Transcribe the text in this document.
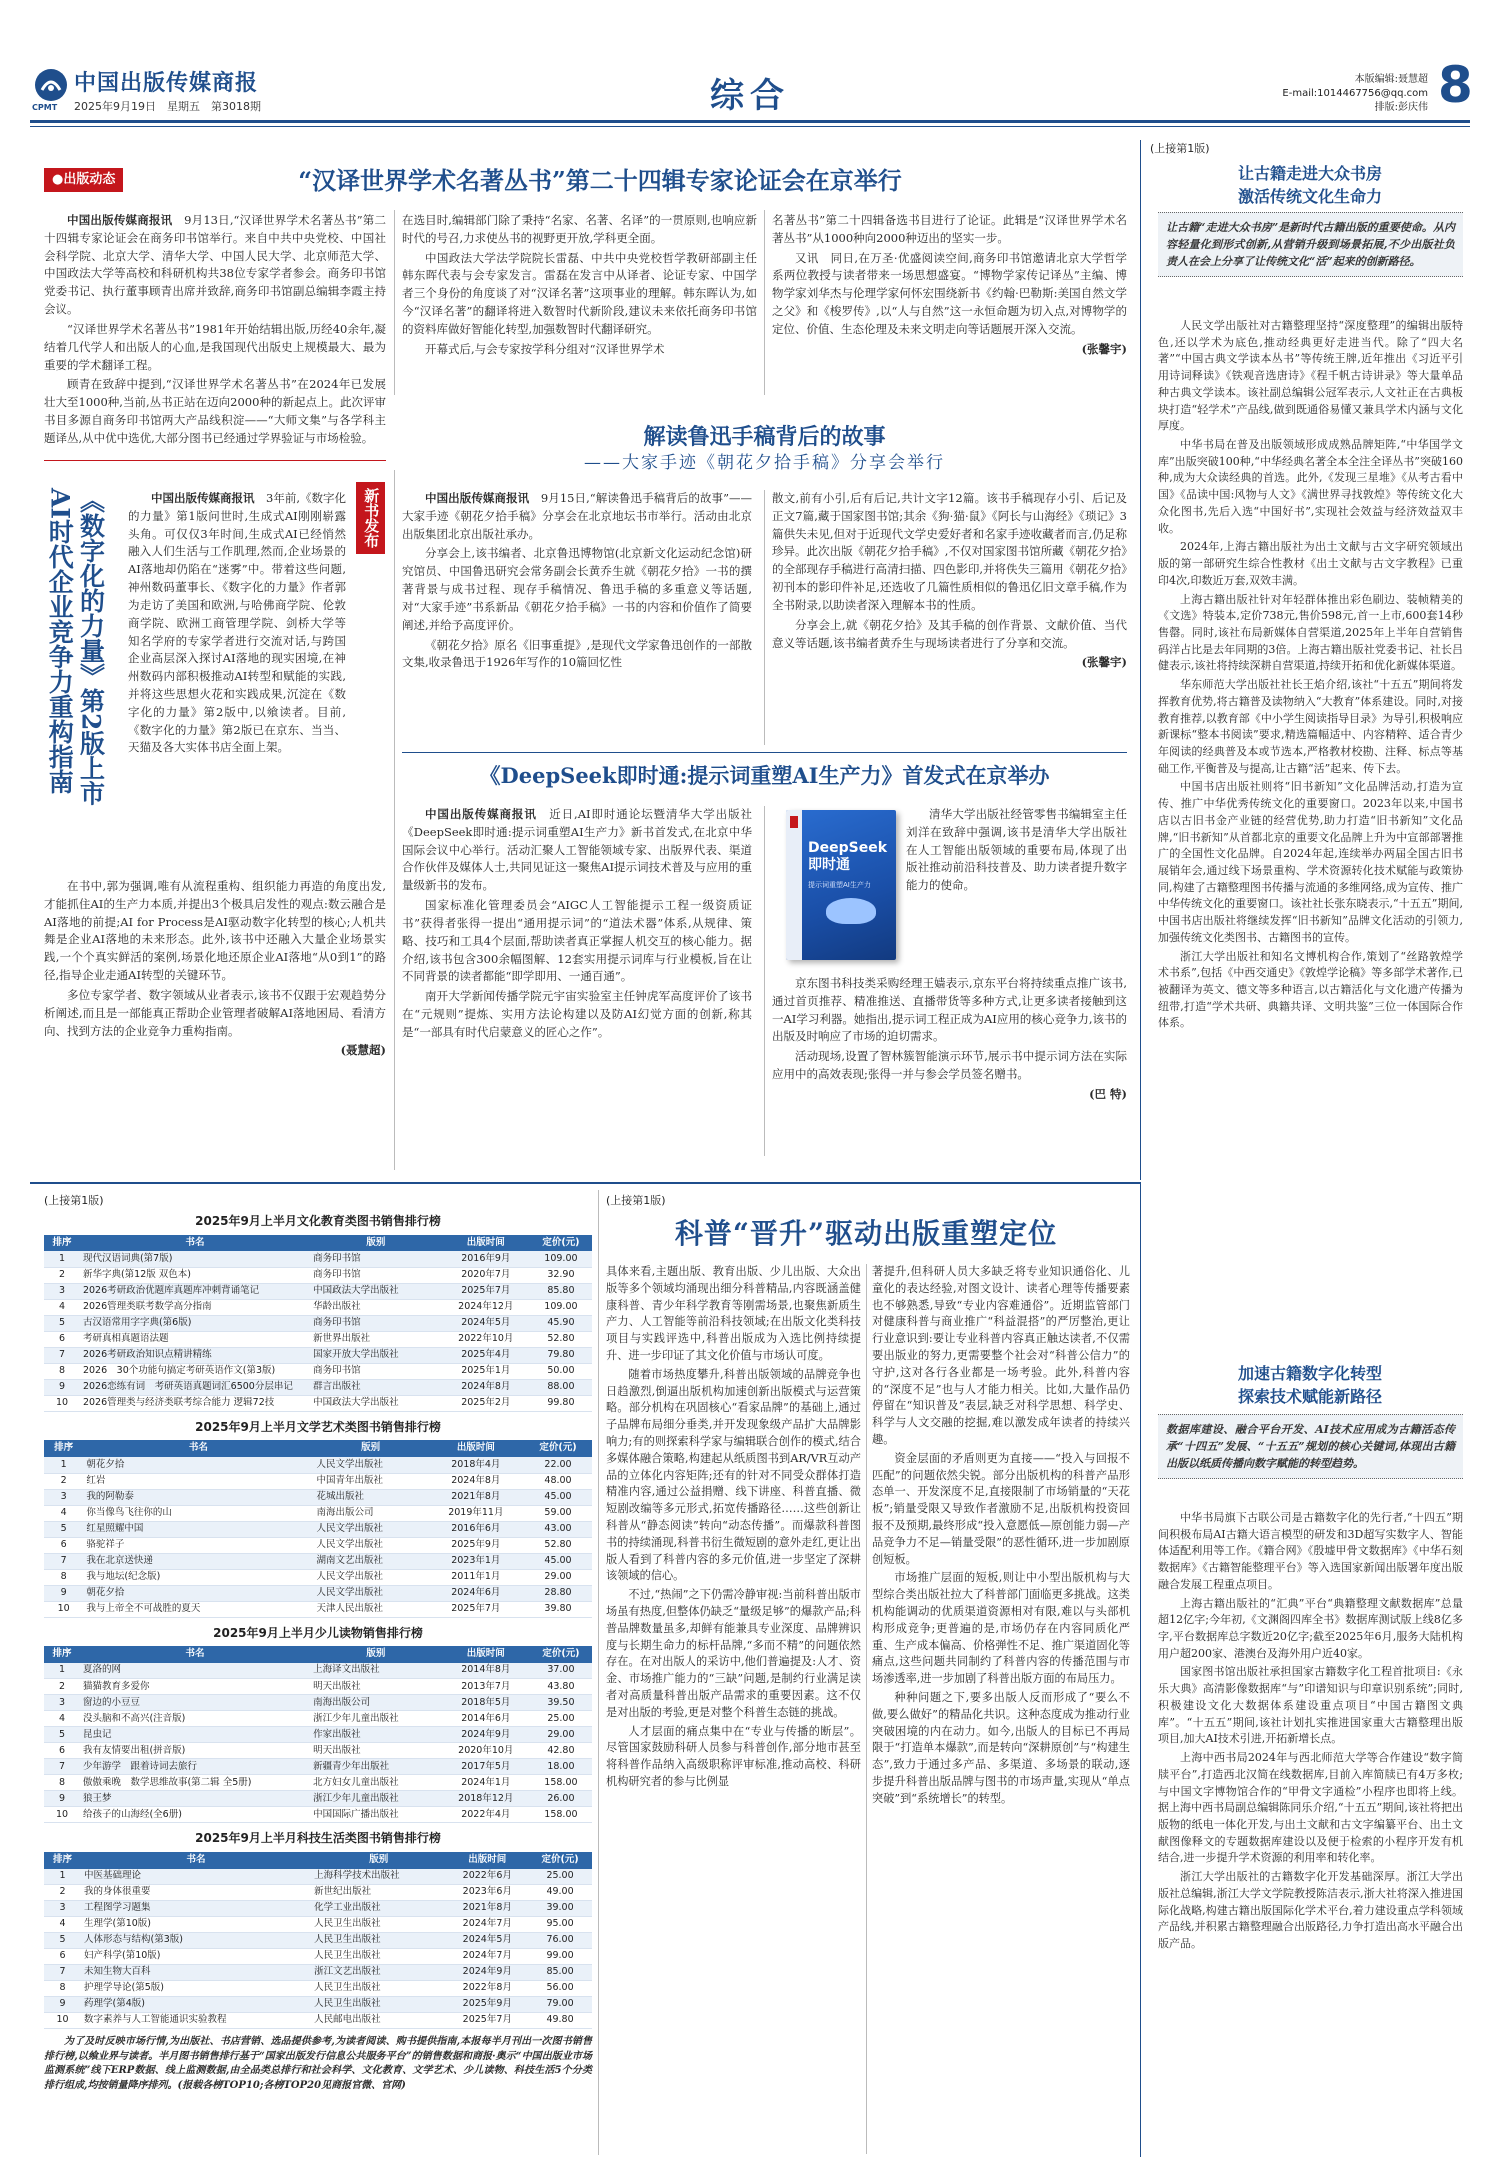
CPMT
中国出版传媒商报
2025年9月19日　星期五　第3018期	综合	本版编辑:聂慧超
E-mail:1014467756@qq.com
排版:彭庆伟 8
●出版动态	“汉译世界学术名著丛书”第二十四辑专家论证会在京举行

中国出版传媒商报讯　 9月13日,“汉译世界学术名著丛书”第二十四辑专家论证会在商务印书馆举行。来自中共中央党校、中国社会科学院、北京大学、清华大学、中国人民大学、北京师范大学、中国政法大学等高校和科研机构共38位专家学者参会。商务印书馆党委书记、执行董事顾青出席并致辞,商务印书馆副总编辑李霞主持会议。

“汉译世界学术名著丛书”1981年开始结辑出版,历经40余年,凝结着几代学人和出版人的心血,是我国现代出版史上规模最大、最为重要的学术翻译工程。

顾青在致辞中提到,“汉译世界学术名著丛书”在2024年已发展壮大至1000种,当前,丛书正站在迈向2000种的新起点上。此次评审书目多源自商务印书馆两大产品线积淀——“大师文集”与各学科主题译丛,从中优中选优,大部分图书已经通过学界验证与市场检验。

在选目时,编辑部门除了秉持“名家、名著、名译”的一贯原则,也响应新时代的号召,力求使丛书的视野更开放,学科更全面。

中国政法大学法学院院长雷磊、中共中央党校哲学教研部副主任韩东晖代表与会专家发言。雷磊在发言中从译者、论证专家、中国学者三个身份的角度谈了对“汉译名著”这项事业的理解。韩东晖认为,如今“汉译名著”的翻译将进入数智时代新阶段,建议未来依托商务印书馆的资料库做好智能化转型,加强数智时代翻译研究。

开幕式后,与会专家按学科分组对“汉译世界学术

名著丛书”第二十四辑备选书目进行了论证。此辑是“汉译世界学术名著丛书”从1000种向2000种迈出的坚实一步。

又讯　同日,在万圣·优盛阅读空间,商务印书馆邀请北京大学哲学系两位教授与读者带来一场思想盛宴。“博物学家传记译丛”主编、博物学家刘华杰与伦理学家何怀宏围绕新书《约翰·巴勒斯:美国自然文学之父》和《梭罗传》,以“人与自然”这一永恒命题为切入点,对博物学的定位、价值、生态伦理及未来文明走向等话题展开深入交流。

(张馨宇)
《数字化的力量》第2版上市
AI时代企业竞争力重构指南	中国出版传媒商报讯　 3年前,《数字化的力量》第1版问世时,生成式AI刚刚崭露头角。可仅仅3年时间,生成式AI已经悄然融入人们生活与工作肌理,然而,企业场景的AI落地却仍陷在“迷雾”中。带着这些问题,神州数码董事长、《数字化的力量》作者郭为走访了美国和欧洲,与哈佛商学院、伦敦商学院、欧洲工商管理学院、剑桥大学等知名学府的专家学者进行交流对话,与跨国企业高层深入探讨AI落地的现实困境,在神州数码内部积极推动AI转型和赋能的实践,并将这些思想火花和实践成果,沉淀在《数字化的力量》第2版中,以飨读者。目前,《数字化的力量》第2版已在京东、当当、天猫及各大实体书店全面上架。

新书发布

在书中,郭为强调,唯有从流程重构、组织能力再造的角度出发,才能抓住AI的生产力本质,并提出3个极具启发性的观点:数云融合是AI落地的前提;AI for Process是AI驱动数字化转型的核心;人机共舞是企业AI落地的未来形态。此外,该书中还融入大量企业场景实践,一个个真实鲜活的案例,场景化地还原企业AI落地“从0到1”的路径,指导企业走通AI转型的关键环节。

多位专家学者、数字领域从业者表示,该书不仅跟于宏观趋势分析阐述,而且是一部能真正帮助企业管理者破解AI落地困局、看清方向、找到方法的企业竞争力重构指南。

(聂慧超)
解读鲁迅手稿背后的故事
——大家手迹《朝花夕拾手稿》分享会举行

中国出版传媒商报讯　 9月15日,“解读鲁迅手稿背后的故事”——大家手迹《朝花夕拾手稿》分享会在北京地坛书市举行。活动由北京出版集团北京出版社承办。

分享会上,该书编者、北京鲁迅博物馆(北京新文化运动纪念馆)研究馆员、中国鲁迅研究会常务副会长黄乔生就《朝花夕拾》一书的撰著背景与成书过程、现存手稿情况、鲁迅手稿的多重意义等话题,对“大家手迹”书系新品《朝花夕拾手稿》一书的内容和价值作了简要阐述,并给予高度评价。

《朝花夕拾》原名《旧事重提》,是现代文学家鲁迅创作的一部散文集,收录鲁迅于1926年写作的10篇回忆性

散文,前有小引,后有后记,共计文字12篇。该书手稿现存小引、后记及正文7篇,藏于国家图书馆;其余《狗·猫·鼠》《阿长与山海经》《琐记》3篇供失未见,但对于近现代文学史爱好者和名家手迹收藏者而言,仍足称珍异。此次出版《朝花夕拾手稿》,不仅对国家图书馆所藏《朝花夕拾》的全部现存手稿进行高清扫描、四色影印,并将佚失三篇用《朝花夕拾》初刊本的影印件补足,还选收了几篇性质相似的鲁迅亿旧文章手稿,作为全书附录,以助读者深入理解本书的性质。

分享会上,就《朝花夕拾》及其手稿的创作背景、文献价值、当代意义等话题,该书编者黄乔生与现场读者进行了分享和交流。

(张馨宇)
《DeepSeek即时通:提示词重塑AI生产力》首发式在京举办

中国出版传媒商报讯　 近日,AI即时通论坛暨清华大学出版社《DeepSeek即时通:提示词重塑AI生产力》新书首发式,在北京中华国际会议中心举行。活动汇聚人工智能领域专家、出版界代表、渠道合作伙伴及媒体人士,共同见证这一聚焦AI提示词技术普及与应用的重量级新书的发布。

国家标准化管理委员会“AIGC人工智能提示工程一级资质证书”获得者张得一提出“通用提示词”的“道法术器”体系,从规律、策略、技巧和工具4个层面,帮助读者真正掌握人机交互的核心能力。据介绍,该书包含300余幅图解、12套实用提示词库与行业模板,旨在让不同背景的读者都能“即学即用、一通百通”。

南开大学新闻传播学院元宇宙实验室主任钟虎军高度评价了该书在“元规则”提炼、实用方法论构建以及防AI幻觉方面的创新,称其是“一部具有时代启蒙意义的匠心之作”。

DeepSeek 即时通
提示词重塑AI生产力

清华大学出版社经管零售书编辑室主任刘洋在致辞中强调,该书是清华大学出版社在人工智能出版领域的重要布局,体现了出版社推动前沿科技普及、助力读者提升数字能力的使命。

京东图书科技类采购经理王嫱表示,京东平台将持续重点推广该书,通过首页推荐、精准推送、直播带货等多种方式,让更多读者接触到这一AI学习利器。她指出,提示词工程正成为AI应用的核心竞争力,该书的出版及时响应了市场的迫切需求。

活动现场,设置了智林簇智能演示环节,展示书中提示词方法在实际应用中的高效表现;张得一并与参会学员签名赠书。

(巴 特)
(上接第1版)
让古籍走进大众书房
激活传统文化生命力
让古籍“走进大众书房”是新时代古籍出版的重要使命。从内容轻量化到形式创新,从营销升级到场景拓展,不少出版社负责人在会上分享了让传统文化“活”起来的创新路径。

人民文学出版社对古籍整理坚持“深度整理”的编辑出版特色,还以学术为底色,推动经典更好走进当代。除了“四大名著”“中国古典文学读本丛书”等传统王牌,近年推出《习近平引用诗词释读》《铁观音选唐诗》《程千帆古诗讲录》等大量单品种古典文学读本。该社副总编辑公冠军表示,人文社正在古典板块打造“轻学术”产品线,做到既通俗易懂又兼具学术内涵与文化厚度。

中华书局在普及出版领域形成成熟品牌矩阵,“中华国学文库”出版突破100种,“中华经典名著全本全注全译丛书”突破160种,成为大众读经典的首选。此外,《发现三星堆》《从考古看中国》《品读中国:风物与人文》《满世界寻找敦煌》等传统文化大众化图书,先后入选“中国好书”,实现社会效益与经济效益双丰收。

2024年,上海古籍出版社为出土文献与古文字研究领域出版的第一部研究生综合性教材《出土文献与古文字教程》已重印4次,印数近万套,双效丰满。

上海古籍出版社针对年轻群体推出彩色刷边、装帧精美的《文选》特装本,定价738元,售价598元,首一上市,600套14秒售罄。同时,该社布局新媒体自营渠道,2025年上半年自营销售码洋占比是去年同期的3倍。上海古籍出版社党委书记、社长吕健表示,该社将持续深耕自营渠道,持续开拓和优化新媒体渠道。

华东师范大学出版社社长王焰介绍,该社“十五五”期间将发挥教育优势,将古籍普及读物纳入“大教育”体系建设。同时,对接教育推荐,以教育部《中小学生阅读指导目录》为导引,积极响应新课标“整本书阅读”要求,精选篇幅适中、内容精粹、适合青少年阅读的经典普及本或节选本,严格教材校勘、注释、标点等基础工作,平衡普及与提高,让古籍“活”起来、传下去。

中国书店出版社则将“旧书新知”文化品牌活动,打造为宣传、推广中华优秀传统文化的重要窗口。2023年以来,中国书店以古旧书金产业链的经营优势,助力打造“旧书新知”文化品牌,“旧书新知”从首都北京的重要文化品牌上升为中宣部部署推广的全国性文化品牌。自2024年起,连续举办两届全国古旧书展销年会,通过线下场景重构、学术资源转化技术赋能与政策协同,构建了古籍整理图书传播与流通的多维网络,成为宣传、推广中华传统文化的重要窗口。该社社长张东晓表示,“十五五”期间,中国书店出版社将继续发挥“旧书新知”品牌文化活动的引领力,加强传统文化类图书、古籍图书的宣传。

浙江大学出版社和知名文博机构合作,策划了“丝路敦煌学术书系”,包括《中西交通史》《敦煌学论稿》等多部学术著作,已被翻译为英文、德文等多种语言,以古籍活化与文化遗产传播为纽带,打造“学术共研、典籍共译、文明共鉴”三位一体国际合作体系。

加速古籍数字化转型
探索技术赋能新路径
数据库建设、融合平台开发、AI技术应用成为古籍活态传承“十四五”发展、“十五五”规划的核心关键词,体现出古籍出版以纸质传播向数字赋能的转型趋势。

中华书局旗下古联公司是古籍数字化的先行者,“十四五”期间积极布局AI古籍大语言模型的研发和3D超写实数字人、智能体适配利用等工作。《籍合网》《殷墟甲骨文数据库》《中华石刻数据库》《古籍智能整理平台》等入选国家新闻出版署年度出版融合发展工程重点项目。

上海古籍出版社的“汇典”平台“典籍整理文献数据库”总量超12亿字;今年初,《文渊阁四库全书》数据库测试版上线8亿多字,平台数据库总字数近20亿字;截至2025年6月,服务大陆机构用户超200家、港澳台及海外用户近40家。

国家图书馆出版社承担国家古籍数字化工程首批项目:《永乐大典》高清影像数据库“与”印谱知识与印章识别系统”;同时,积极建设文化大数据体系建设重点项目“中国古籍图文典库”。“十五五”期间,该社计划扎实推进国家重大古籍整理出版项目,加大AI技术引进,开拓新增长点。

上海中西书局2024年与西北师范大学等合作建设“数字简牍平台”,打造西北汉简在线数据库,目前入库简牍已有4万多枚;与中国文字博物馆合作的“甲骨文字通检”小程序也即将上线。据上海中西书局副总编辑陈同乐介绍,“十五五”期间,该社将把出版物的纸电一体化开发,与出土文献和古文字编纂平台、出土文献图像释文的专题数据库建设以及便于检索的小程序开发有机结合,进一步提升学术资源的利用率和转化率。

浙江大学出版社的古籍数字化开发基础深厚。浙江大学出版社总编辑,浙江大学文学院教授陈洁表示,浙大社将深入推进国际化战略,构建古籍出版国际化学术平台,着力建设重点学科领域产品线,并积累古籍整理融合出版路径,力争打造出高水平融合出版产品。

(上接第1版)
2025年9月上半月文化教育类图书销售排行榜
排序	书名	版别	出版时间	定价(元)
1	现代汉语词典(第7版)	商务印书馆	2016年9月	109.00
2	新华字典(第12版 双色本)	商务印书馆	2020年7月	32.90
3	2026考研政治优题库真题库冲刺背诵笔记	中国政法大学出版社	2025年7月	85.80
4	2026管理类联考数学高分指南	华龄出版社	2024年12月	109.00
5	古汉语常用字字典(第6版)	商务印书馆	2024年5月	45.90
6	考研真相真题语法题	新世界出版社	2022年10月	52.80
7	2026考研政治知识点精讲精练	国家开放大学出版社	2025年4月	79.80
8	2026　30个功能句搞定考研英语作文(第3版)	商务印书馆	2025年1月	50.00
9	2026恋练有词　考研英语真题词汇6500分层串记	群言出版社	2024年8月	88.00
10	2026管理类与经济类联考综合能力 逻辑72技	中国政法大学出版社	2025年2月	99.80
2025年9月上半月文学艺术类图书销售排行榜
排序	书名	版别	出版时间	定价(元)
1	朝花夕拾	人民文学出版社	2018年4月	22.00
2	红岩	中国青年出版社	2024年8月	48.00
3	我的阿勒泰	花城出版社	2021年8月	45.00
4	你当像鸟飞往你的山	南海出版公司	2019年11月	59.00
5	红星照耀中国	人民文学出版社	2016年6月	43.00
6	骆驼祥子	人民文学出版社	2025年9月	52.80
7	我在北京送快递	湖南文艺出版社	2023年1月	45.00
8	我与地坛(纪念版)	人民文学出版社	2011年1月	29.00
9	朝花夕拾	人民文学出版社	2024年6月	28.80
10	我与上帝全不可战胜的夏天	天津人民出版社	2025年7月	39.80
2025年9月上半月少儿读物销售排行榜
排序	书名	版别	出版时间	定价(元)
1	夏洛的网	上海译文出版社	2014年8月	37.00
2	猫猫教育多爱你	明天出版社	2013年7月	43.80
3	窗边的小豆豆	南海出版公司	2018年5月	39.50
4	没头脑和不高兴(注音版)	浙江少年儿童出版社	2014年6月	25.00
5	昆虫记	作家出版社	2024年9月	29.00
6	我有友情要出租(拼音版)	明天出版社	2020年10月	42.80
7	少年游学　跟着诗词去旅行	新疆青少年出版社	2017年5月	18.00
8	傲傲乘晚　数学思维故事(第二辑 全5册)	北方妇女儿童出版社	2024年1月	158.00
9	狼王梦	浙江少年儿童出版社	2018年12月	26.00
10	给孩子的山海经(全6册)	中国国际广播出版社	2022年4月	158.00
2025年9月上半月科技生活类图书销售排行榜
排序	书名	版别	出版时间	定价(元)
1	中医基础理论	上海科学技术出版社	2022年6月	25.00
2	我的身体很重要	新世纪出版社	2023年6月	49.00
3	工程图学习题集	化学工业出版社	2021年8月	39.00
4	生理学(第10版)	人民卫生出版社	2024年7月	95.00
5	人体形态与结构(第3版)	人民卫生出版社	2024年5月	76.00
6	妇产科学(第10版)	人民卫生出版社	2024年7月	99.00
7	未知生物大百科	浙江文艺出版社	2024年9月	85.00
8	护理学导论(第5版)	人民卫生出版社	2022年8月	56.00
9	药理学(第4版)	人民卫生出版社	2025年9月	79.00
10	数字素养与人工智能通识实验教程	人民邮电出版社	2025年7月	49.80
为了及时反映市场行情,为出版社、书店营销、选品提供参考,为读者阅读、购书提供指南,本报每半月刊出一次图书销售排行榜,以飨业界与读者。半月图书销售排行基于“国家出版发行信息公共服务平台”的销售数据和商报·奥示“中国出版业市场监测系统”线下ERP数据、线上监测数据,由全品类总排行和社会科学、文化教育、文学艺术、少儿读物、科技生活5个分类排行组成,均按销量降序排列。(报载各榜TOP10;各榜TOP20见商报官微、官网)
(上接第1版)
科普“晋升”驱动出版重塑定位

具体来看,主题出版、教育出版、少儿出版、大众出版等多个领域均涌现出细分科普精品,内容既涵盖健康科普、青少年科学教育等刚需场景,也聚焦新质生产力、人工智能等前沿科技领域;在出版文化类科技项目与实践评选中,科普出版成为入选比例持续提升、进一步印证了其文化价值与市场认可度。

随着市场热度攀升,科普出版领域的品牌竞争也日趋激烈,倒逼出版机构加速创新出版模式与运营策略。部分机构在巩固核心“看家品牌”的基础上,通过子品牌布局细分垂类,并开发现象级产品扩大品牌影响力;有的则探索科学家与编辑联合创作的模式,结合多媒体融合策略,构建起从纸质图书到AR/VR互动产品的立体化内容矩阵;还有的针对不同受众群体打造精准内容,通过公益捐赠、线下讲座、科普直播、微短剧改编等多元形式,拓宽传播路径……这些创新让科普从“静态阅读”转向“动态传播”。而爆款科普图书的持续涌现,科普书衍生微短剧的意外走红,更让出版人看到了科普内容的多元价值,进一步坚定了深耕该领域的信心。

不过,“热闹”之下仍需冷静审视:当前科普出版市场虽有热度,但整体仍缺乏“量级足够”的爆款产品;科普品牌数量虽多,却鲜有能兼具专业深度、品牌辨识度与长期生命力的标杆品牌,“多而不精”的问题依然存在。在对出版人的采访中,他们普遍提及:人才、资金、市场推广能力的“三缺”问题,是制约行业满足读者对高质量科普出版产品需求的重要因素。这不仅是对出版的考验,更是对整个科普生态链的挑战。

人才层面的痛点集中在“专业与传播的断层”。尽管国家鼓励科研人员参与科普创作,部分地市甚至将科普作品纳入高级职称评审标准,推动高校、科研机构研究者的参与比例显

著提升,但科研人员大多缺乏将专业知识通俗化、儿童化的表达经验,对图文设计、读者心理等传播要素也不够熟悉,导致“专业内容难通俗”。近期监管部门对健康科普与商业推广“科益混搭”的严厉整治,更让行业意识到:要让专业科普内容真正触达读者,不仅需要出版业的努力,更需要整个社会对“科普公信力”的守护,这对各行各业都是一场考验。此外,科普内容的“深度不足”也与人才能力相关。比如,大量作品仍停留在“知识普及”表层,缺乏对科学思想、科学史、科学与人文交融的挖掘,难以激发成年读者的持续兴趣。

资金层面的矛盾则更为直接——“投入与回报不匹配”的问题依然尖锐。部分出版机构的科普产品形态单一、开发深度不足,直接限制了市场销量的“天花板”;销量受限又导致作者激励不足,出版机构投资回报不及预期,最终形成“投入意愿低—原创能力弱—产品竞争力不足—销量受限”的恶性循环,进一步加剧原创短板。

市场推广层面的短板,则让中小型出版机构与大型综合类出版社拉大了科普部门面临更多挑战。这类机构能调动的优质渠道资源相对有限,难以与头部机构形成竞争;更普遍的是,市场仍存在内容同质化严重、生产成本偏高、价格弹性不足、推广渠道固化等痛点,这些问题共同制约了科普内容的传播范围与市场渗透率,进一步加剧了科普出版方面的布局压力。

种种问题之下,要多出版人反而形成了“要么不做,要么做好”的精品化共识。这种态度成为推动行业突破困境的内在动力。如今,出版人的目标已不再局限于“打造单本爆款”,而是转向“深耕原创”与“构建生态”,致力于通过多产品、多渠道、多场景的联动,逐步提升科普出版品牌与图书的市场声量,实现从“单点突破”到“系统增长”的转型。
